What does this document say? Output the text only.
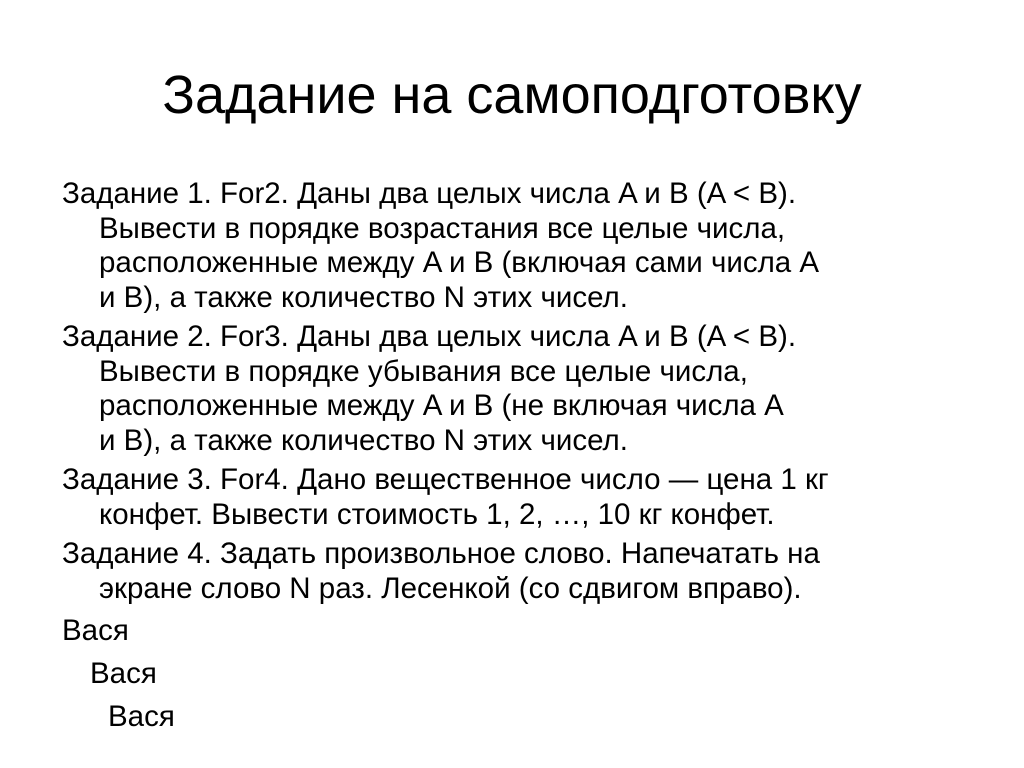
Задание на самоподготовку
Задание 1. For2. Даны два целых числа A и B (A < B).
Вывести в порядке возрастания все целые числа,
расположенные между A и B (включая сами числа A
и B), а также количество N этих чисел.
Задание 2. For3. Даны два целых числа A и B (A < B).
Вывести в порядке убывания все целые числа,
расположенные между A и B (не включая числа A
и B), а также количество N этих чисел.
Задание 3. For4. Дано вещественное число — цена 1 кг
конфет. Вывести стоимость 1, 2, …, 10 кг конфет.
Задание 4. Задать произвольное слово. Напечатать на
экране слово N раз. Лесенкой (со сдвигом вправо).
Вася
Вася
Вася
